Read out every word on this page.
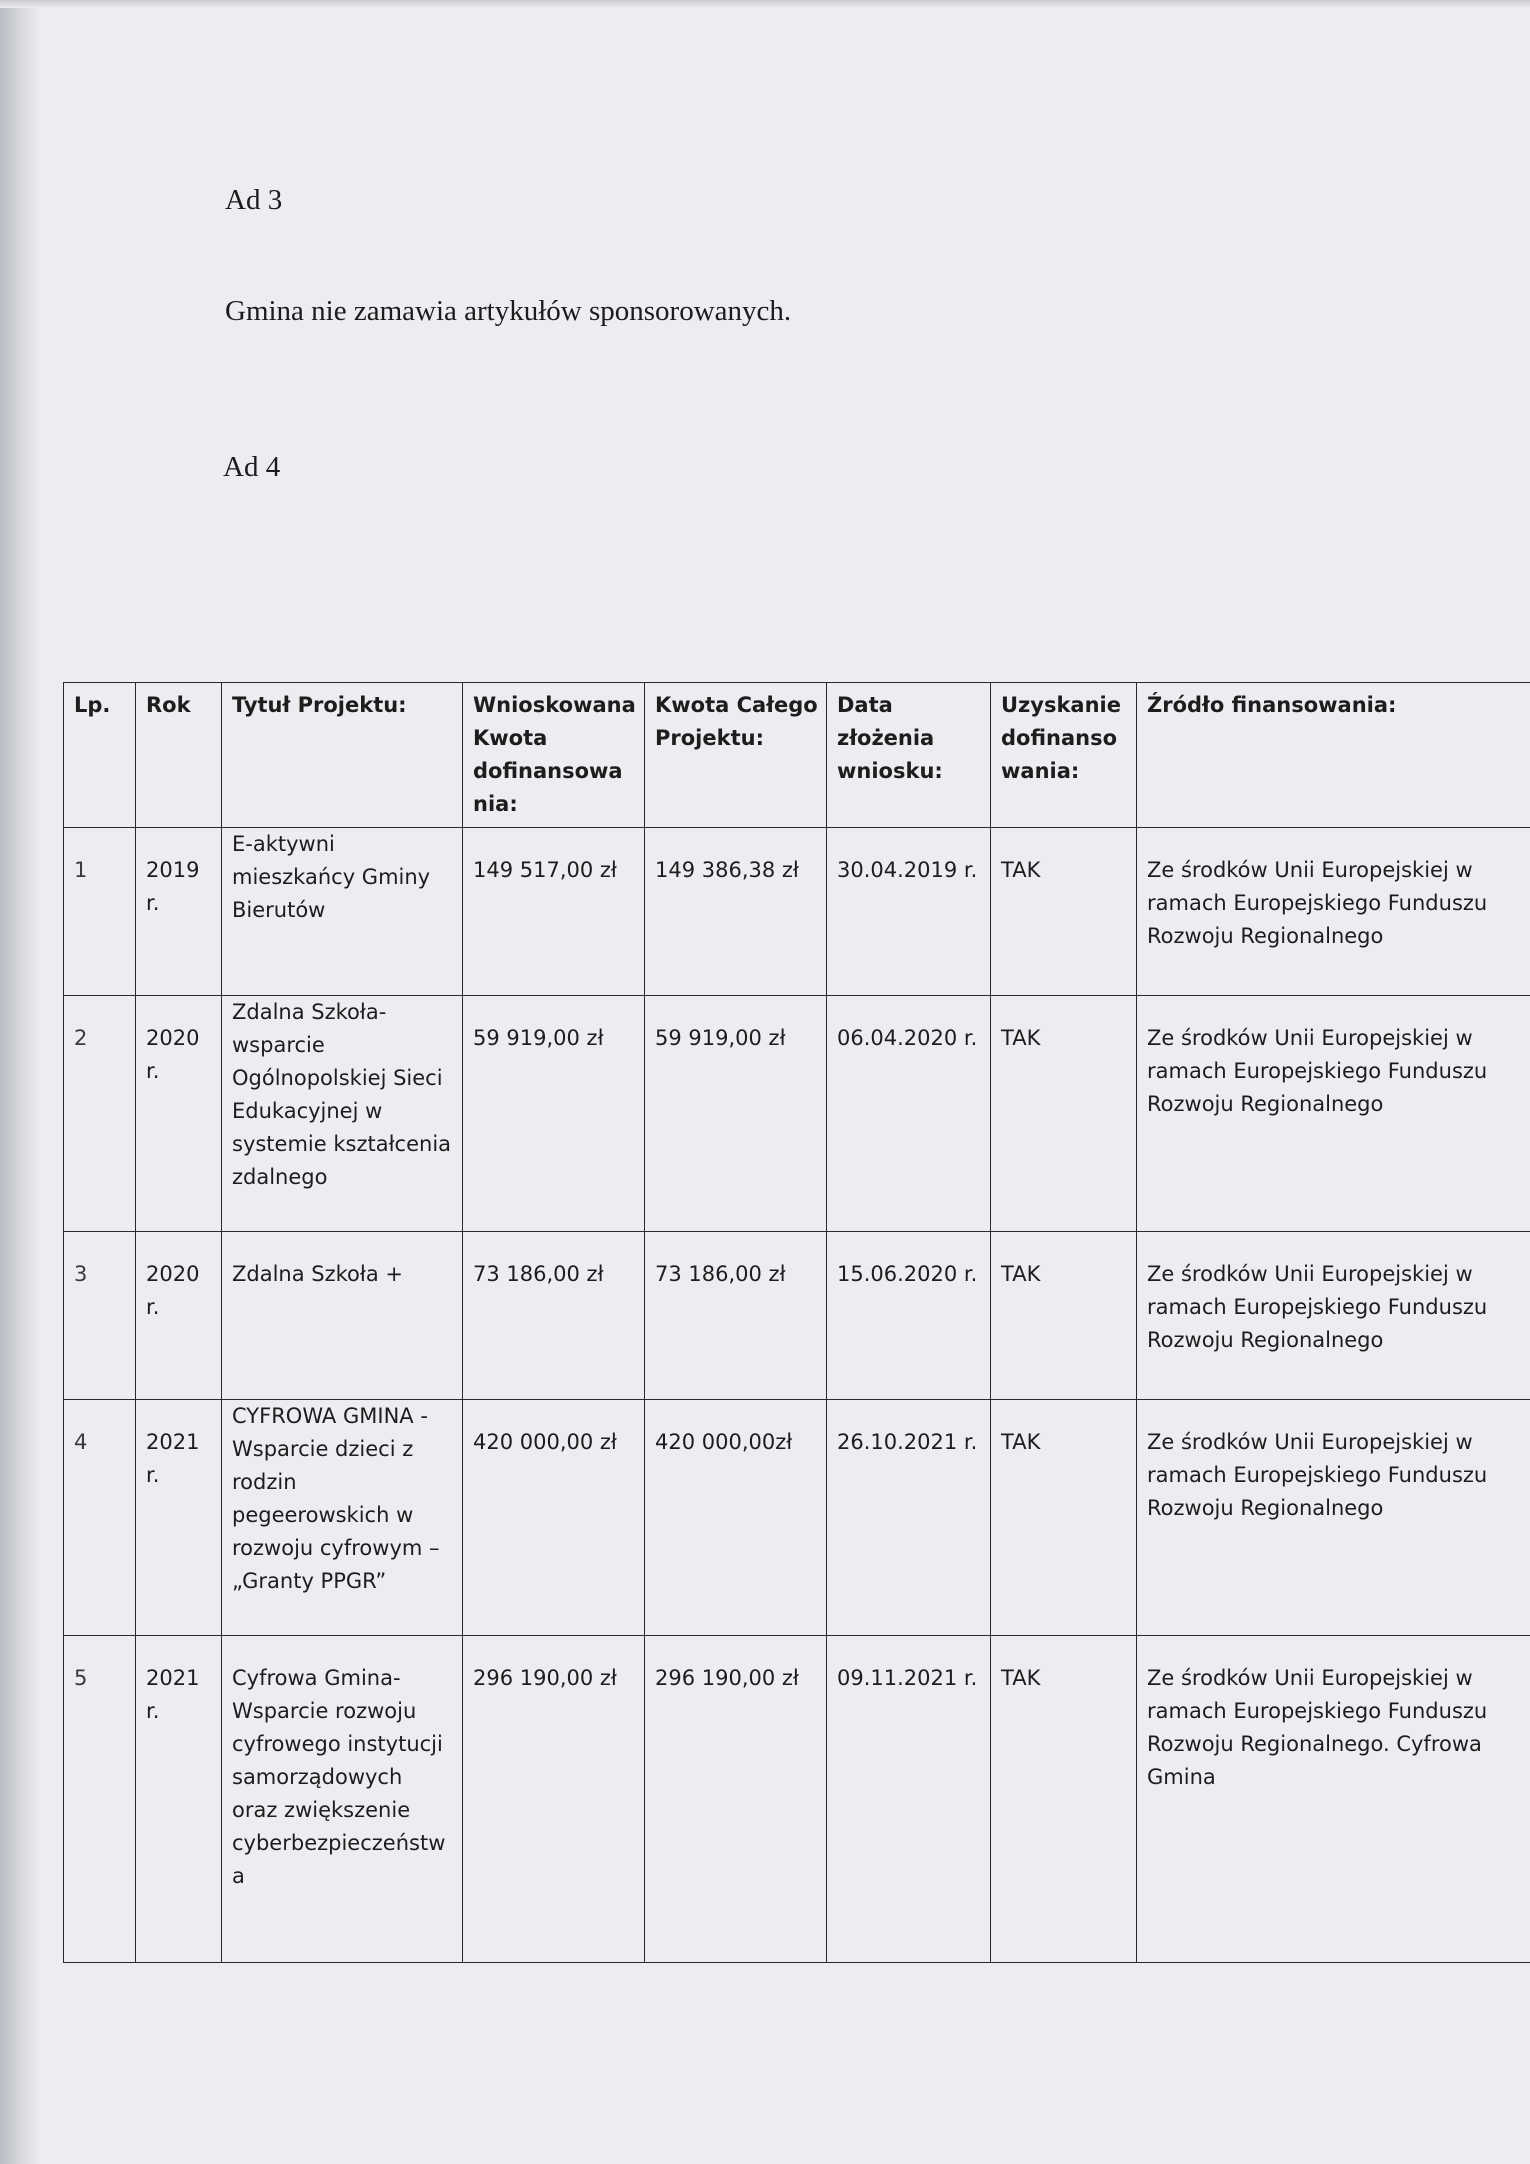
Ad 3
Gmina nie zamawia artykułów sponsorowanych.
Ad 4
Lp.	Rok	Tytuł Projektu:	Wnioskowana Kwota dofinansowania:	Kwota Całego Projektu:	Data złożenia wniosku:	Uzyskanie dofinansowania:	Źródło finansowania:
1	2019 r.	E-aktywni mieszkańcy Gminy Bierutów	149 517,00 zł	149 386,38 zł	30.04.2019 r.	TAK	Ze środków Unii Europejskiej w ramach Europejskiego Funduszu Rozwoju Regionalnego
2	2020 r.	Zdalna Szkoła- wsparcie Ogólnopolskiej Sieci Edukacyjnej w systemie kształcenia zdalnego	59 919,00 zł	59 919,00 zł	06.04.2020 r.	TAK	Ze środków Unii Europejskiej w ramach Europejskiego Funduszu Rozwoju Regionalnego
3	2020 r.	Zdalna Szkoła +	73 186,00 zł	73 186,00 zł	15.06.2020 r.	TAK	Ze środków Unii Europejskiej w ramach Europejskiego Funduszu Rozwoju Regionalnego
4	2021 r.	CYFROWA GMINA - Wsparcie dzieci z rodzin pegeerowskich w rozwoju cyfrowym – „Granty PPGR”	420 000,00 zł	420 000,00zł	26.10.2021 r.	TAK	Ze środków Unii Europejskiej w ramach Europejskiego Funduszu Rozwoju Regionalnego
5	2021 r.	Cyfrowa Gmina- Wsparcie rozwoju cyfrowego instytucji samorządowych oraz zwiększenie cyberbezpieczeństwa	296 190,00 zł	296 190,00 zł	09.11.2021 r.	TAK	Ze środków Unii Europejskiej w ramach Europejskiego Funduszu Rozwoju Regionalnego. Cyfrowa Gmina
